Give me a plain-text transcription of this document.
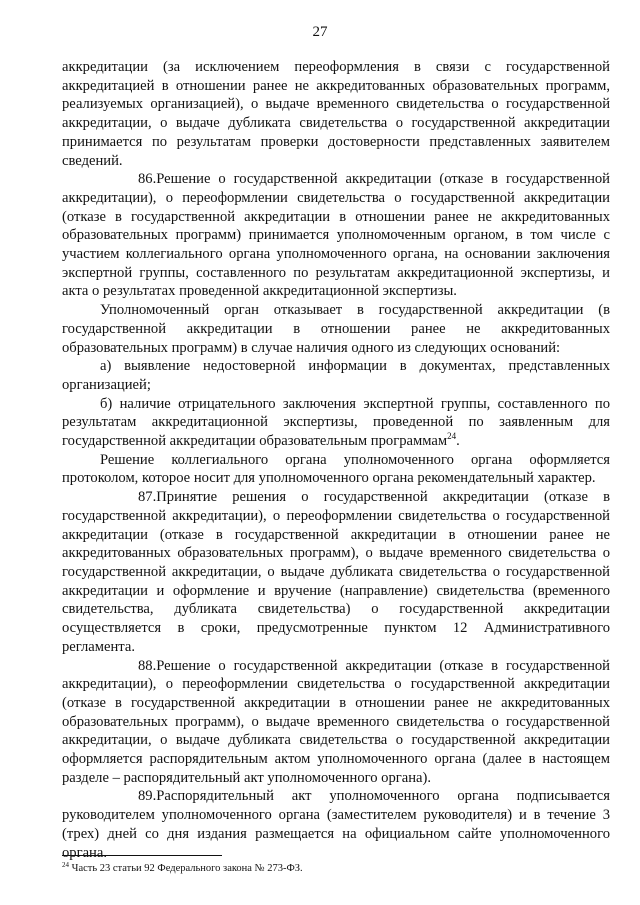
27

аккредитации (за исключением переоформления в связи с государственной аккредитацией в отношении ранее не аккредитованных образовательных программ, реализуемых организацией), о выдаче временного свидетельства о государственной аккредитации, о выдаче дубликата свидетельства о государственной аккредитации принимается по результатам проверки достоверности представленных заявителем сведений.

86.Решение о государственной аккредитации (отказе в государственной аккредитации), о переоформлении свидетельства о государственной аккредитации (отказе в государственной аккредитации в отношении ранее не аккредитованных образовательных программ) принимается уполномоченным органом, в том числе с участием коллегиального органа уполномоченного органа, на основании заключения экспертной группы, составленного по результатам аккредитационной экспертизы, и акта о результатах проведенной аккредитационной экспертизы.

Уполномоченный орган отказывает в государственной аккредитации (в государственной аккредитации в отношении ранее не аккредитованных образовательных программ) в случае наличия одного из следующих оснований:

а) выявление недостоверной информации в документах, представленных организацией;

б) наличие отрицательного заключения экспертной группы, составленного по результатам аккредитационной экспертизы, проведенной по заявленным для государственной аккредитации образовательным программам$^{24}$.

Решение коллегиального органа уполномоченного органа оформляется протоколом, которое носит для уполномоченного органа рекомендательный характер.

87.Принятие решения о государственной аккредитации (отказе в государственной аккредитации), о переоформлении свидетельства о государственной аккредитации (отказе в государственной аккредитации в отношении ранее не аккредитованных образовательных программ), о выдаче временного свидетельства о государственной аккредитации, о выдаче дубликата свидетельства о государственной аккредитации и оформление и вручение (направление) свидетельства (временного свидетельства, дубликата свидетельства) о государственной аккредитации осуществляется в сроки, предусмотренные пунктом 12 Административного регламента.

88.Решение о государственной аккредитации (отказе в государственной аккредитации), о переоформлении свидетельства о государственной аккредитации (отказе в государственной аккредитации в отношении ранее не аккредитованных образовательных программ), о выдаче временного свидетельства о государственной аккредитации, о выдаче дубликата свидетельства о государственной аккредитации оформляется распорядительным актом уполномоченного органа (далее в настоящем разделе – распорядительный акт уполномоченного органа).

89.Распорядительный акт уполномоченного органа подписывается руководителем уполномоченного органа (заместителем руководителя) и в течение 3 (трех) дней со дня издания размещается на официальном сайте уполномоченного органа.

$^{24}$ Часть 23 статьи 92 Федерального закона № 273-ФЗ.
